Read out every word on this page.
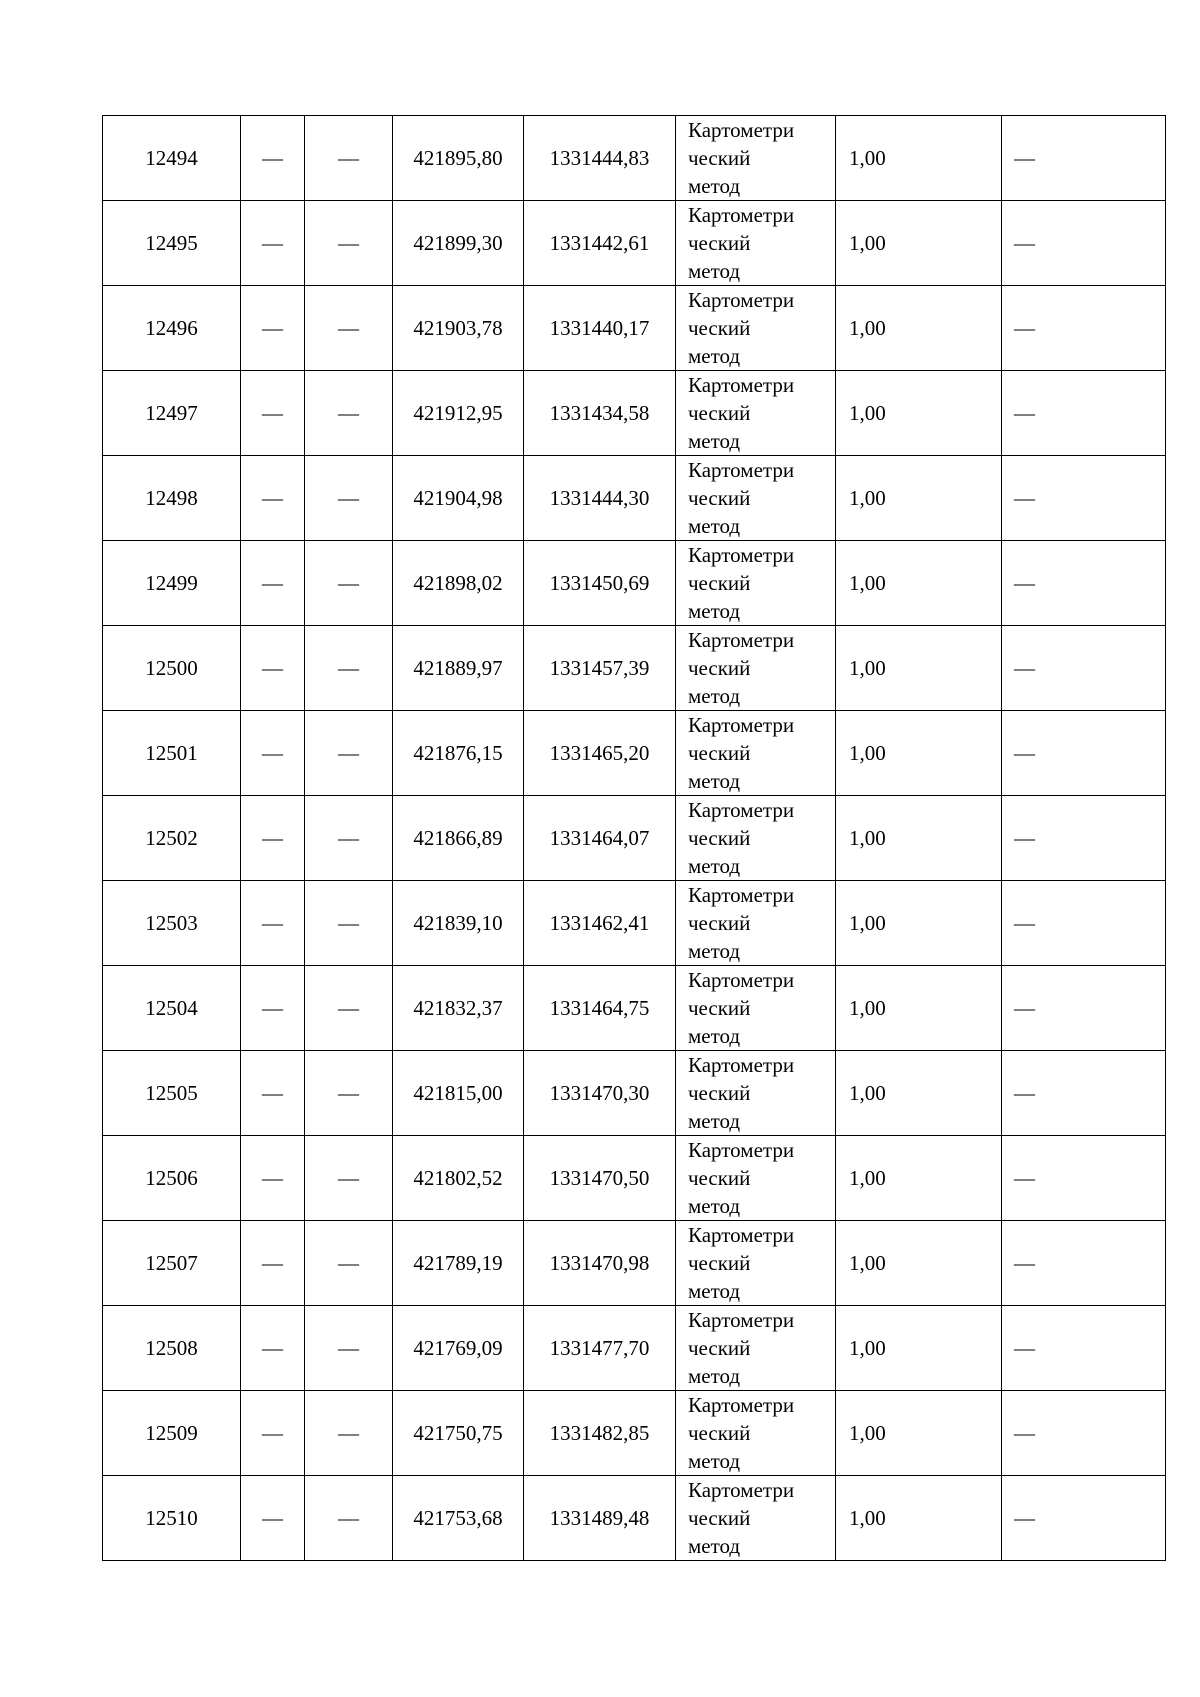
12494	—	—	421895,80	1331444,83	Картометри
ческий
метод	1,00	—
12495	—	—	421899,30	1331442,61	Картометри
ческий
метод	1,00	—
12496	—	—	421903,78	1331440,17	Картометри
ческий
метод	1,00	—
12497	—	—	421912,95	1331434,58	Картометри
ческий
метод	1,00	—
12498	—	—	421904,98	1331444,30	Картометри
ческий
метод	1,00	—
12499	—	—	421898,02	1331450,69	Картометри
ческий
метод	1,00	—
12500	—	—	421889,97	1331457,39	Картометри
ческий
метод	1,00	—
12501	—	—	421876,15	1331465,20	Картометри
ческий
метод	1,00	—
12502	—	—	421866,89	1331464,07	Картометри
ческий
метод	1,00	—
12503	—	—	421839,10	1331462,41	Картометри
ческий
метод	1,00	—
12504	—	—	421832,37	1331464,75	Картометри
ческий
метод	1,00	—
12505	—	—	421815,00	1331470,30	Картометри
ческий
метод	1,00	—
12506	—	—	421802,52	1331470,50	Картометри
ческий
метод	1,00	—
12507	—	—	421789,19	1331470,98	Картометри
ческий
метод	1,00	—
12508	—	—	421769,09	1331477,70	Картометри
ческий
метод	1,00	—
12509	—	—	421750,75	1331482,85	Картометри
ческий
метод	1,00	—
12510	—	—	421753,68	1331489,48	Картометри
ческий
метод	1,00	—
